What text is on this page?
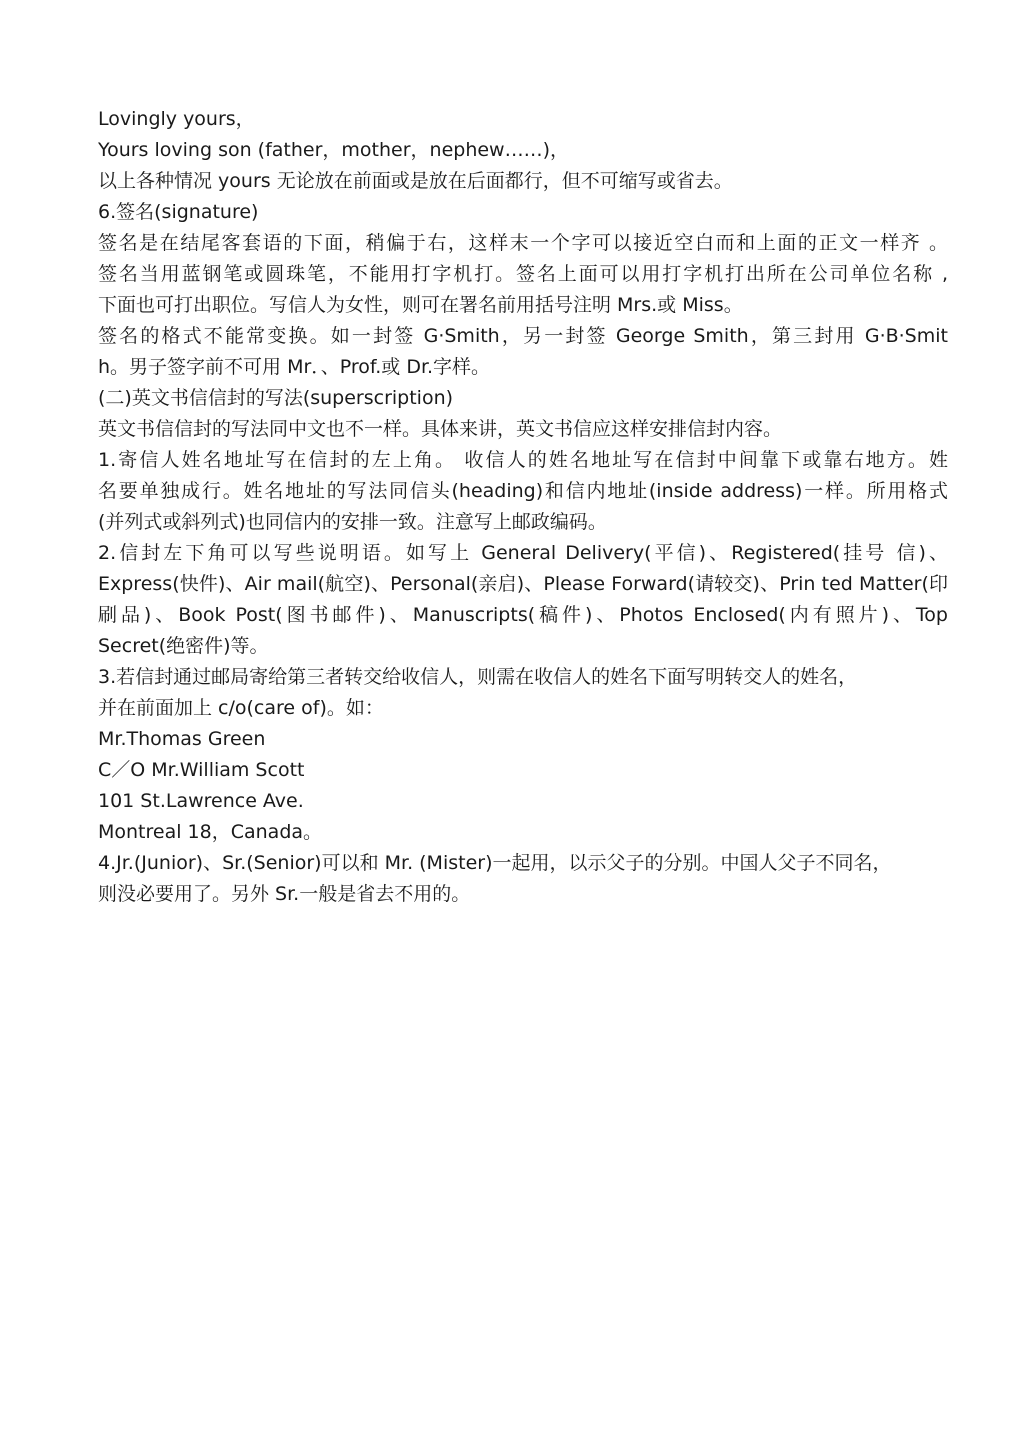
Lovingly yours，
Yours loving son (father，mother，nephew……)，
以上各种情况 yours 无论放在前面或是放在后面都行，但不可缩写或省去。
6.签名(signature)
签名是在结尾客套语的下面，稍偏于右，这样末一个字可以接近空白而和上面的正文一样齐 。
签名当用蓝钢笔或圆珠笔，不能用打字机打。签名上面可以用打字机打出所在公司单位名称 ,
下面也可打出职位。写信人为女性，则可在署名前用括号注明 Mrs.或 Miss。
签名的格式不能常变换。如一封签 G·Smith，另一封签 George Smith，第三封用 G·B·Smit
h。男子签字前不可用 Mr．、Prof.或 Dr.字样。
(二)英文书信信封的写法(superscription)
英文书信信封的写法同中文也不一样。具体来讲，英文书信应这样安排信封内容。
1.寄信人姓名地址写在信封的左上角。 收信人的姓名地址写在信封中间靠下或靠右地方。姓
名要单独成行。姓名地址的写法同信头(heading)和信内地址(inside address)一样。所用格式
(并列式或斜列式)也同信内的安排一致。注意写上邮政编码。
2.信封左下角可以写些说明语。如写上 General Delivery(平信)、Registered(挂号 信)、
Express(快件)、Air mail(航空)、Personal(亲启)、Please Forward(请较交)、Prin ted Matter(印
刷品)、Book Post(图书邮件)、Manuscripts(稿件)、Photos Enclosed(内有照片)、Top
Secret(绝密件)等。
3.若信封通过邮局寄给第三者转交给收信人，则需在收信人的姓名下面写明转交人的姓名，
并在前面加上 c/o(care of)。如：
Mr.Thomas Green
C／O Mr.William Scott
101 St.Lawrence Ave.
Montreal 18，Canada。
4.Jr.(Junior)、Sr.(Senior)可以和 Mr. (Mister)一起用，以示父子的分别。中国人父子不同名，
则没必要用了。另外 Sr.一般是省去不用的。
